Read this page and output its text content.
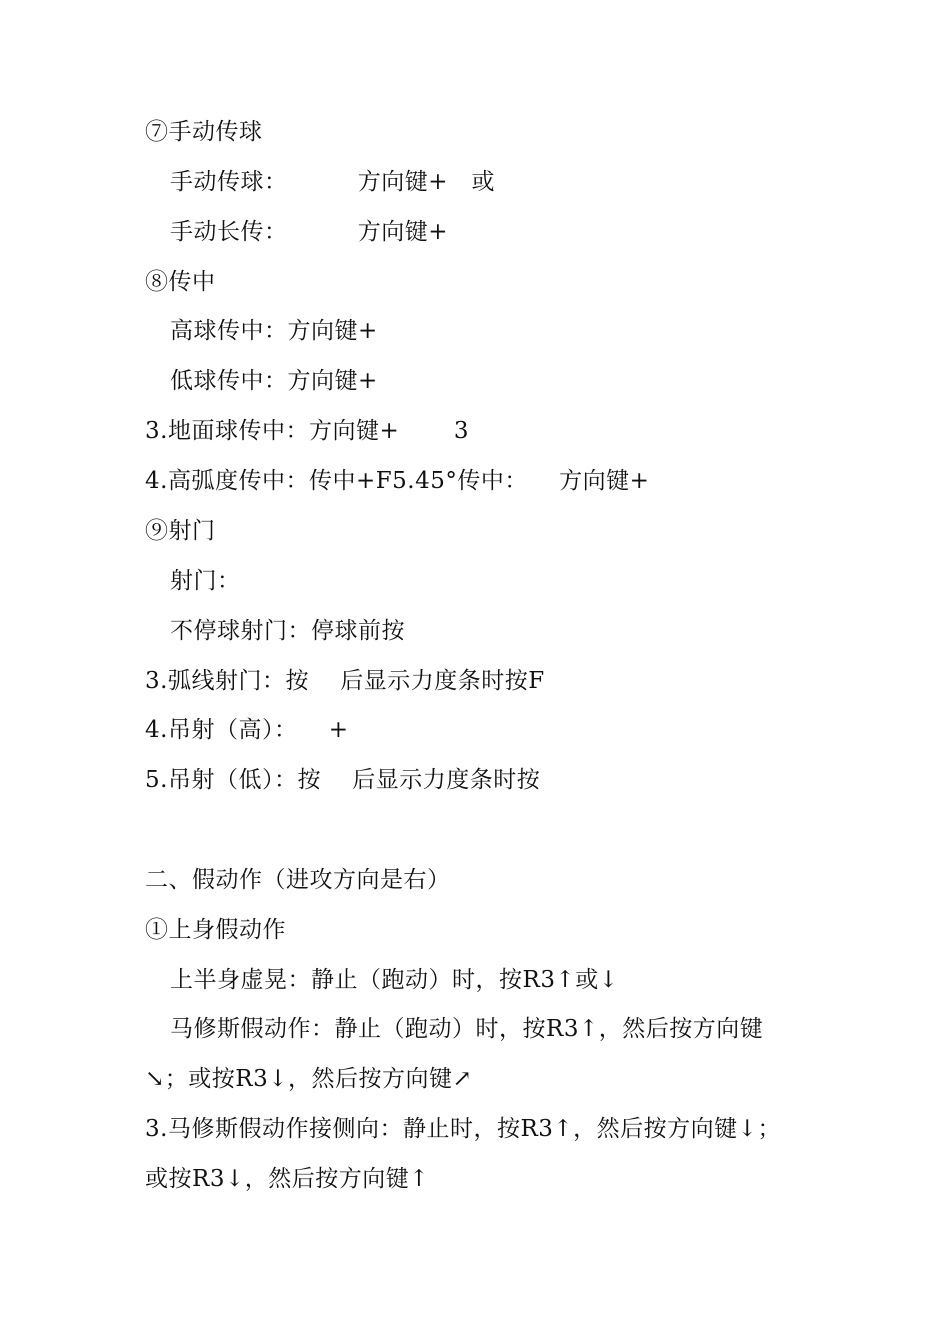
⑦手动传球
手动传球：         方向键+   或
手动长传：         方向键+
⑧传中
高球传中：方向键+
低球传中：方向键+
3.地面球传中：方向键+       3
4.高弧度传中：传中+F5.45°传中：    方向键+
⑨射门
射门：
不停球射门：停球前按
3.弧线射门：按    后显示力度条时按F
4.吊射（高）：    +
5.吊射（低）：按    后显示力度条时按
二、假动作（进攻方向是右）
①上身假动作
上半身虚晃：静止（跑动）时，按R3↑或↓
马修斯假动作：静止（跑动）时，按R3↑，然后按方向键
↘；或按R3↓，然后按方向键↗
3.马修斯假动作接侧向：静止时，按R3↑，然后按方向键↓；
或按R3↓，然后按方向键↑
